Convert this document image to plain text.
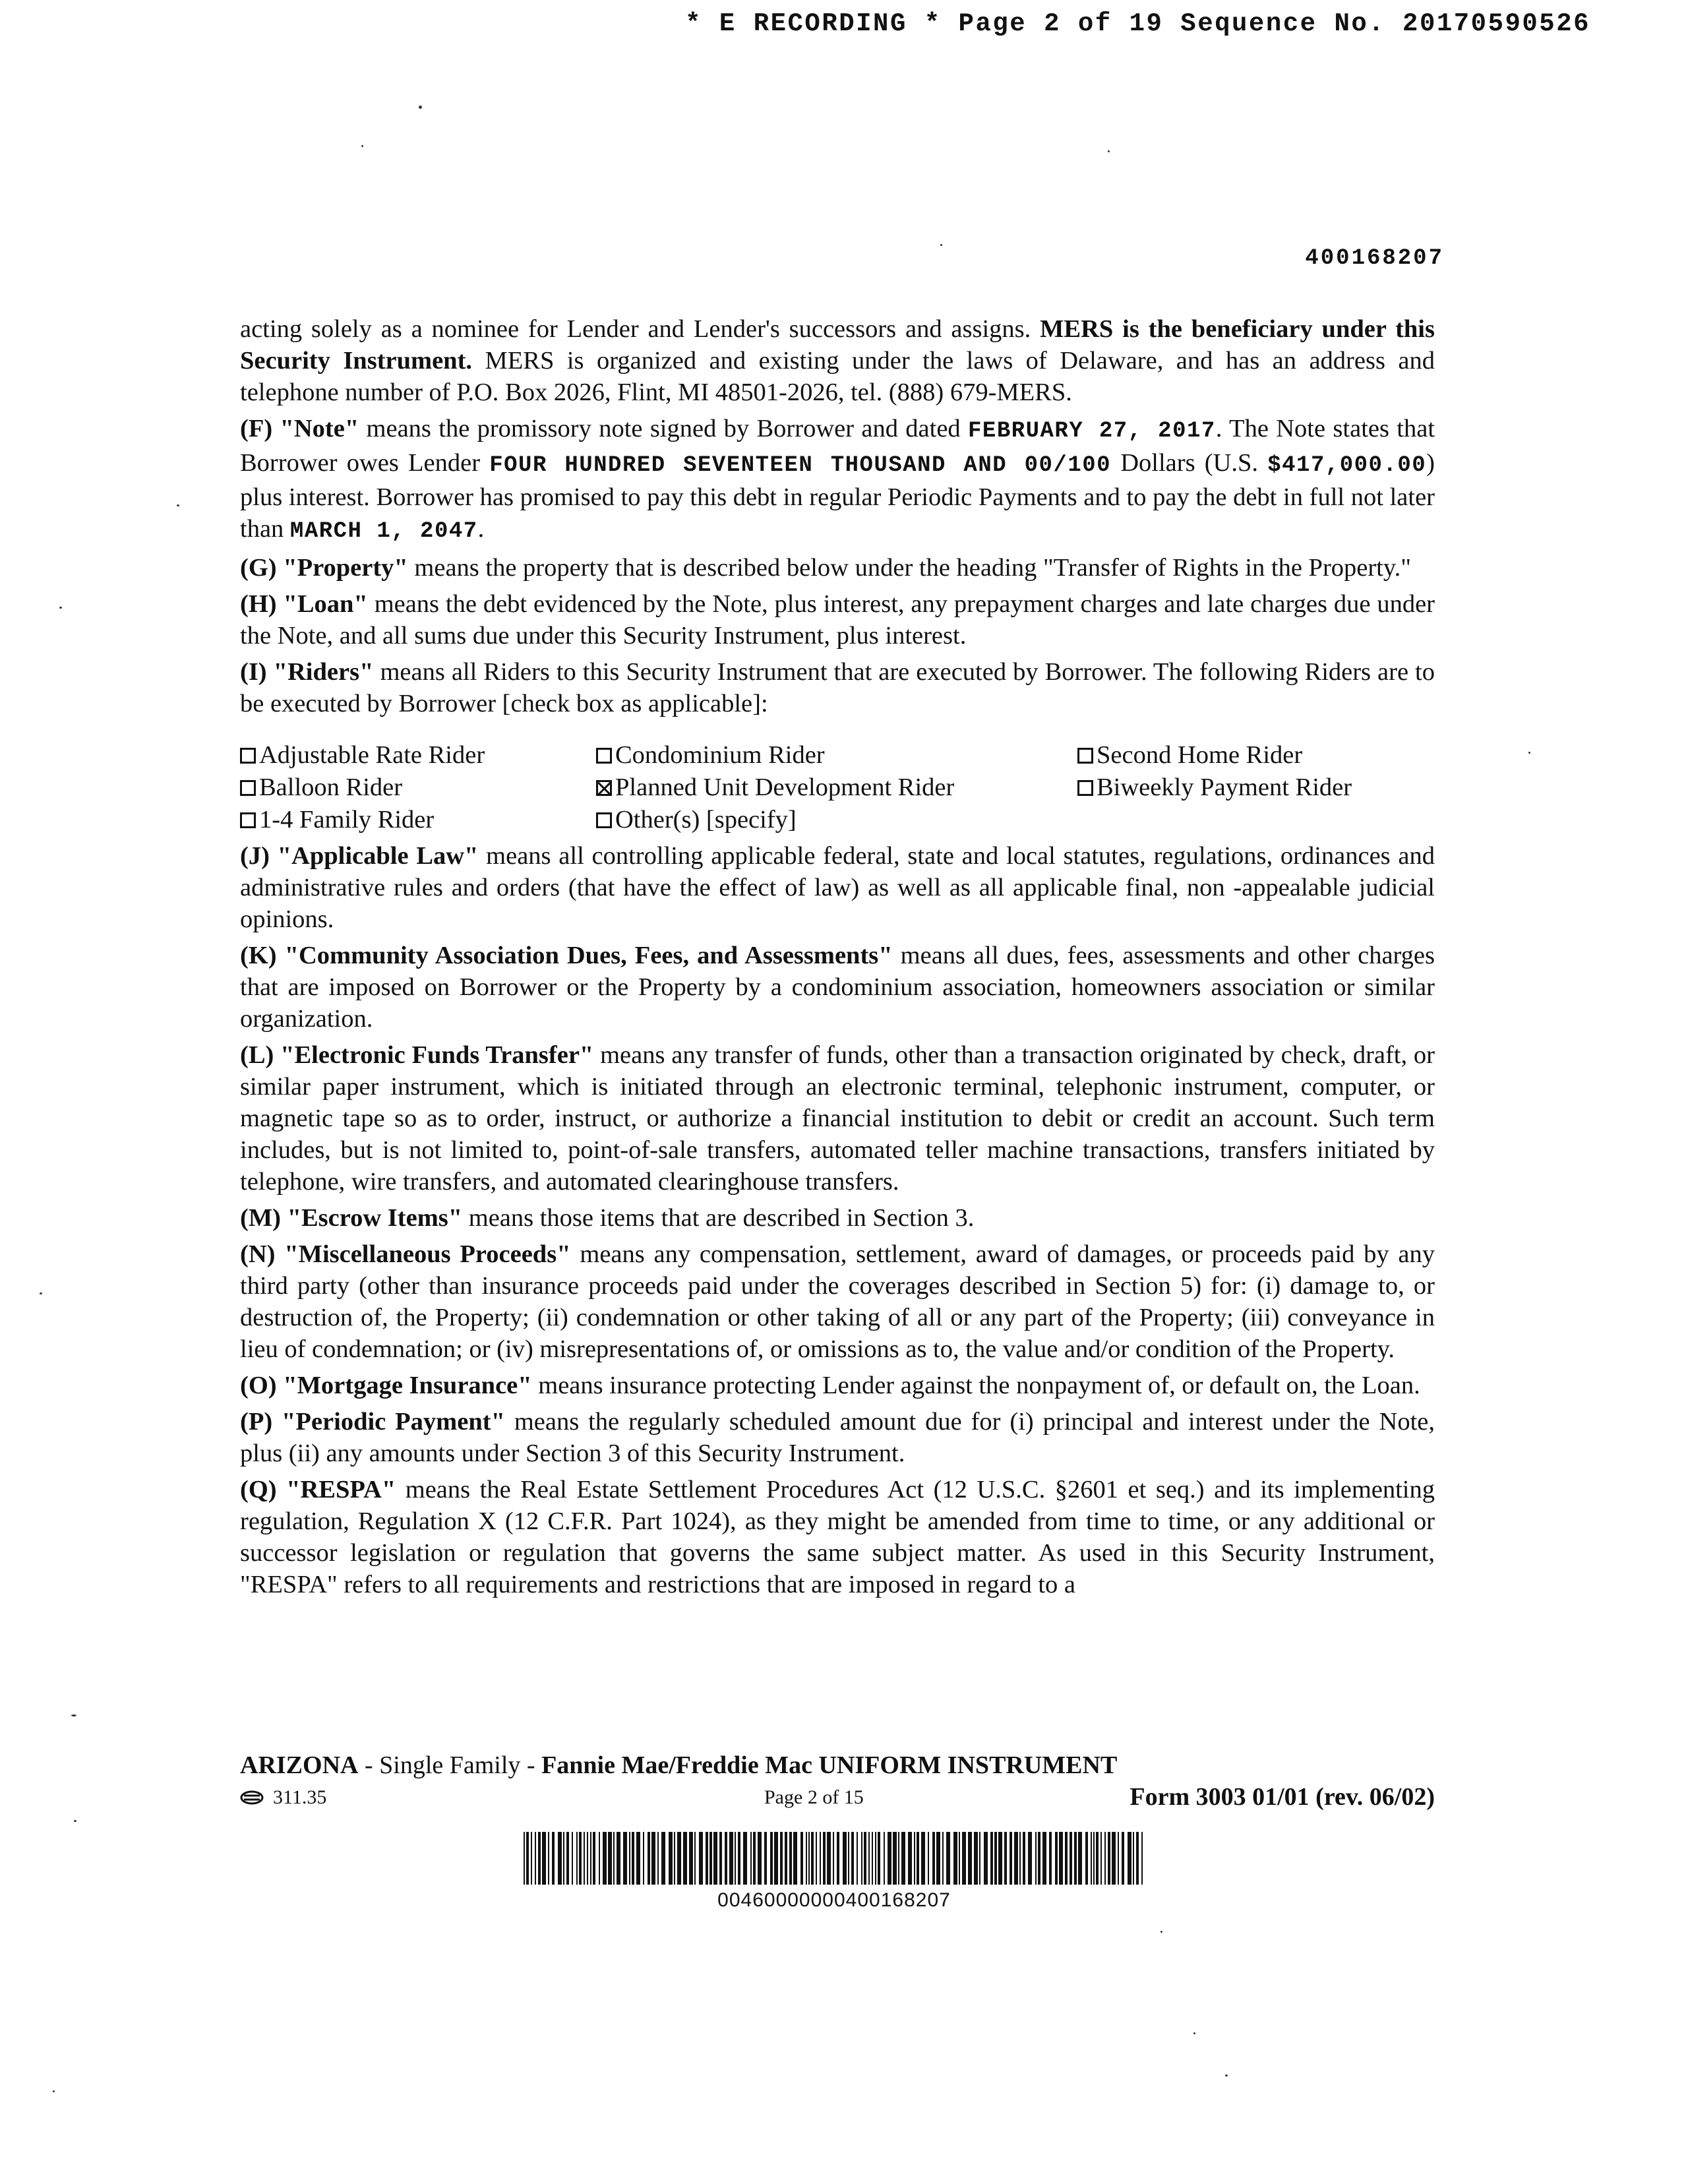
* E RECORDING * Page 2 of 19 Sequence No. 20170590526
400168207

acting solely as a nominee for Lender and Lender's successors and assigns. MERS is the beneficiary under this Security Instrument. MERS is organized and existing under the laws of Delaware, and has an address and telephone number of P.O. Box 2026, Flint, MI 48501-2026, tel. (888) 679-MERS.

(F) "Note" means the promissory note signed by Borrower and dated FEBRUARY 27, 2017. The Note states that Borrower owes Lender FOUR HUNDRED SEVENTEEN THOUSAND AND 00/100 Dollars (U.S. $417,000.00) plus interest. Borrower has promised to pay this debt in regular Periodic Payments and to pay the debt in full not later than MARCH 1, 2047.

(G) "Property" means the property that is described below under the heading "Transfer of Rights in the Property."

(H) "Loan" means the debt evidenced by the Note, plus interest, any prepayment charges and late charges due under the Note, and all sums due under this Security Instrument, plus interest.

(I) "Riders" means all Riders to this Security Instrument that are executed by Borrower. The following Riders are to be executed by Borrower [check box as applicable]:

Adjustable Rate Rider	Condominium Rider	Second Home Rider
Balloon Rider	Planned Unit Development Rider	Biweekly Payment Rider
1-4 Family Rider	Other(s) [specify]

(J) "Applicable Law" means all controlling applicable federal, state and local statutes, regulations, ordinances and administrative rules and orders (that have the effect of law) as well as all applicable final, non -appealable judicial opinions.

(K) "Community Association Dues, Fees, and Assessments" means all dues, fees, assessments and other charges that are imposed on Borrower or the Property by a condominium association, homeowners association or similar organization.

(L) "Electronic Funds Transfer" means any transfer of funds, other than a transaction originated by check, draft, or similar paper instrument, which is initiated through an electronic terminal, telephonic instrument, computer, or magnetic tape so as to order, instruct, or authorize a financial institution to debit or credit an account. Such term includes, but is not limited to, point-of-sale transfers, automated teller machine transactions, transfers initiated by telephone, wire transfers, and automated clearinghouse transfers.

(M) "Escrow Items" means those items that are described in Section 3.

(N) "Miscellaneous Proceeds" means any compensation, settlement, award of damages, or proceeds paid by any third party (other than insurance proceeds paid under the coverages described in Section 5) for: (i) damage to, or destruction of, the Property; (ii) condemnation or other taking of all or any part of the Property; (iii) conveyance in lieu of condemnation; or (iv) misrepresentations of, or omissions as to, the value and/or condition of the Property.

(O) "Mortgage Insurance" means insurance protecting Lender against the nonpayment of, or default on, the Loan.

(P) "Periodic Payment" means the regularly scheduled amount due for (i) principal and interest under the Note, plus (ii) any amounts under Section 3 of this Security Instrument.

(Q) "RESPA" means the Real Estate Settlement Procedures Act (12 U.S.C. §2601 et seq.) and its implementing regulation, Regulation X (12 C.F.R. Part 1024), as they might be amended from time to time, or any additional or successor legislation or regulation that governs the same subject matter. As used in this Security Instrument, "RESPA" refers to all requirements and restrictions that are imposed in regard to a

ARIZONA - Single Family - Fannie Mae/Freddie Mac UNIFORM INSTRUMENT
311.35	Page 2 of 15	Form 3003 01/01 (rev. 06/02)
00460000000400168207
